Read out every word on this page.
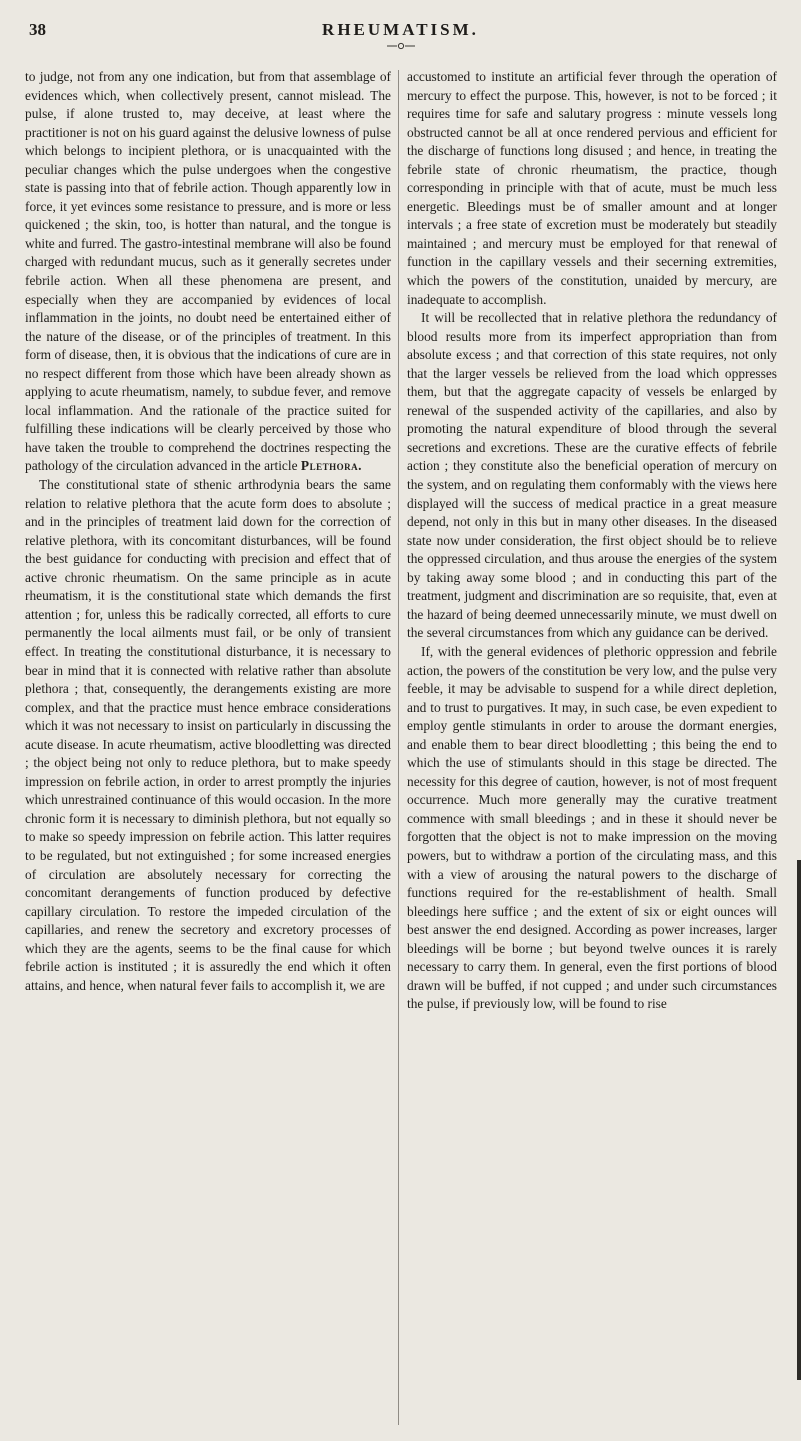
38	RHEUMATISM.

to judge, not from any one indication, but from that assemblage of evidences which, when collectively present, cannot mislead. The pulse, if alone trusted to, may deceive, at least where the practitioner is not on his guard against the delusive lowness of pulse which belongs to incipient plethora, or is unacquainted with the peculiar changes which the pulse undergoes when the congestive state is passing into that of febrile action. Though apparently low in force, it yet evinces some resistance to pressure, and is more or less quickened ; the skin, too, is hotter than natural, and the tongue is white and furred. The gastro-intestinal membrane will also be found charged with redundant mucus, such as it generally secretes under febrile action. When all these phenomena are present, and especially when they are accompanied by evidences of local inflammation in the joints, no doubt need be entertained either of the nature of the disease, or of the principles of treatment. In this form of disease, then, it is obvious that the indications of cure are in no respect different from those which have been already shown as applying to acute rheumatism, namely, to subdue fever, and remove local inflammation. And the rationale of the practice suited for fulfilling these indications will be clearly perceived by those who have taken the trouble to comprehend the doctrines respecting the pathology of the circulation advanced in the article Plethora.

The constitutional state of sthenic arthrodynia bears the same relation to relative plethora that the acute form does to absolute ; and in the principles of treatment laid down for the correction of relative plethora, with its concomitant disturbances, will be found the best guidance for conducting with precision and effect that of active chronic rheumatism. On the same principle as in acute rheumatism, it is the constitutional state which demands the first attention ; for, unless this be radically corrected, all efforts to cure permanently the local ailments must fail, or be only of transient effect. In treating the constitutional disturbance, it is necessary to bear in mind that it is connected with relative rather than absolute plethora ; that, consequently, the derangements existing are more complex, and that the practice must hence embrace considerations which it was not necessary to insist on particularly in discussing the acute disease. In acute rheumatism, active bloodletting was directed ; the object being not only to reduce plethora, but to make speedy impression on febrile action, in order to arrest promptly the injuries which unrestrained continuance of this would occasion. In the more chronic form it is necessary to diminish plethora, but not equally so to make so speedy impression on febrile action. This latter requires to be regulated, but not extinguished ; for some increased energies of circulation are absolutely necessary for correcting the concomitant derangements of function produced by defective capillary circulation. To restore the impeded circulation of the capillaries, and renew the secretory and excretory processes of which they are the agents, seems to be the final cause for which febrile action is instituted ; it is assuredly the end which it often attains, and hence, when natural fever fails to accomplish it, we are

accustomed to institute an artificial fever through the operation of mercury to effect the purpose. This, however, is not to be forced ; it requires time for safe and salutary progress : minute vessels long obstructed cannot be all at once rendered pervious and efficient for the discharge of functions long disused ; and hence, in treating the febrile state of chronic rheumatism, the practice, though corresponding in principle with that of acute, must be much less energetic. Bleedings must be of smaller amount and at longer intervals ; a free state of excretion must be moderately but steadily maintained ; and mercury must be employed for that renewal of function in the capillary vessels and their secerning extremities, which the powers of the constitution, unaided by mercury, are inadequate to accomplish.

It will be recollected that in relative plethora the redundancy of blood results more from its imperfect appropriation than from absolute excess ; and that correction of this state requires, not only that the larger vessels be relieved from the load which oppresses them, but that the aggregate capacity of vessels be enlarged by renewal of the suspended activity of the capillaries, and also by promoting the natural expenditure of blood through the several secretions and excretions. These are the curative effects of febrile action ; they constitute also the beneficial operation of mercury on the system, and on regulating them conformably with the views here displayed will the success of medical practice in a great measure depend, not only in this but in many other diseases. In the diseased state now under consideration, the first object should be to relieve the oppressed circulation, and thus arouse the energies of the system by taking away some blood ; and in conducting this part of the treatment, judgment and discrimination are so requisite, that, even at the hazard of being deemed unnecessarily minute, we must dwell on the several circumstances from which any guidance can be derived.

If, with the general evidences of plethoric oppression and febrile action, the powers of the constitution be very low, and the pulse very feeble, it may be advisable to suspend for a while direct depletion, and to trust to purgatives. It may, in such case, be even expedient to employ gentle stimulants in order to arouse the dormant energies, and enable them to bear direct bloodletting ; this being the end to which the use of stimulants should in this stage be directed. The necessity for this degree of caution, however, is not of most frequent occurrence. Much more generally may the curative treatment commence with small bleedings ; and in these it should never be forgotten that the object is not to make impression on the moving powers, but to withdraw a portion of the circulating mass, and this with a view of arousing the natural powers to the discharge of functions required for the re-establishment of health. Small bleedings here suffice ; and the extent of six or eight ounces will best answer the end designed. According as power increases, larger bleedings will be borne ; but beyond twelve ounces it is rarely necessary to carry them. In general, even the first portions of blood drawn will be buffed, if not cupped ; and under such circumstances the pulse, if previously low, will be found to rise
